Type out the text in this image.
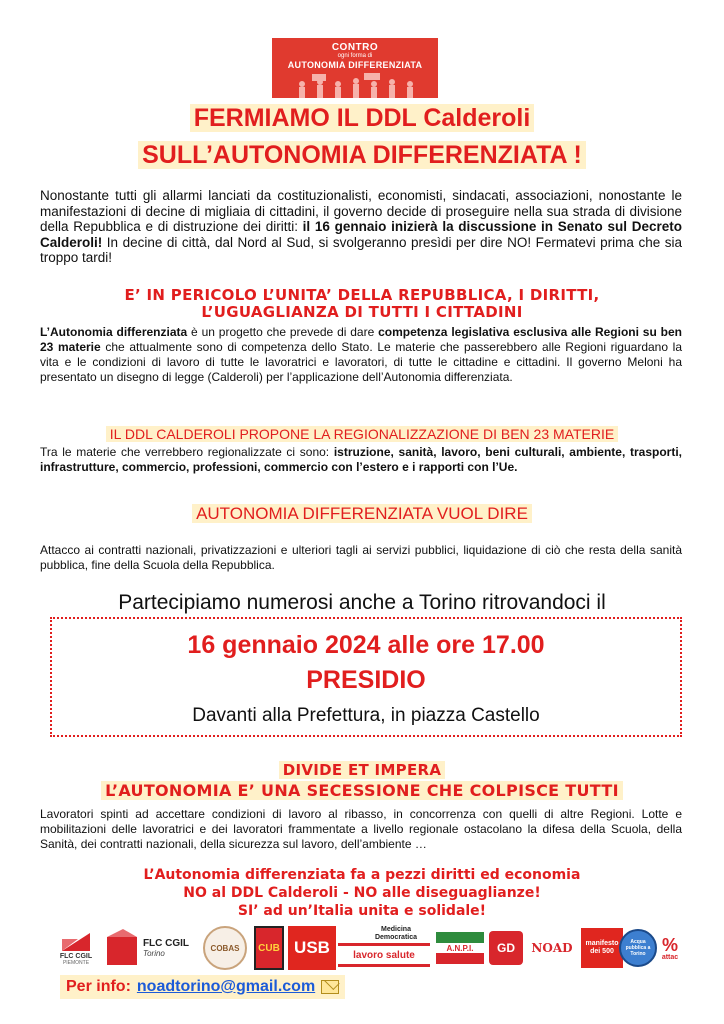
CONTRO
ogni forma di
AUTONOMIA DIFFERENZIATA
FERMIAMO IL DDL Calderoli
SULL’AUTONOMIA DIFFERENZIATA !
Nonostante tutti gli allarmi lanciati da costituzionalisti, economisti, sindacati, associazioni, nonostante le manifestazioni di decine di migliaia di cittadini, il governo decide di proseguire nella sua strada di divisione della Repubblica e di distruzione dei diritti: il 16 gennaio inizierà la discussione in Senato sul Decreto Calderoli! In decine di città, dal Nord al Sud, si svolgeranno presìdi per dire NO! Fermatevi prima che sia troppo tardi!
E’ IN PERICOLO L’UNITA’ DELLA REPUBBLICA, I DIRITTI,
L’UGUAGLIANZA DI TUTTI I CITTADINI
L’Autonomia differenziata è un progetto che prevede di dare competenza legislativa esclusiva alle Regioni su ben 23 materie che attualmente sono di competenza dello Stato. Le materie che passerebbero alle Regioni riguardano la vita e le condizioni di lavoro di tutte le lavoratrici e lavoratori, di tutte le cittadine e cittadini. Il governo Meloni ha presentato un disegno di legge (Calderoli) per l’applicazione dell’Autonomia differenziata.
IL DDL CALDEROLI PROPONE LA REGIONALIZZAZIONE DI BEN 23 MATERIE
Tra le materie che verrebbero regionalizzate ci sono: istruzione, sanità, lavoro, beni culturali, ambiente, trasporti, infrastrutture, commercio, professioni, commercio con l’estero e i rapporti con l’Ue.
AUTONOMIA DIFFERENZIATA VUOL DIRE
Attacco ai contratti nazionali, privatizzazioni e ulteriori tagli ai servizi pubblici, liquidazione di ciò che resta della sanità pubblica, fine della Scuola della Repubblica.
Partecipiamo numerosi anche a Torino ritrovandoci il
16 gennaio 2024 alle ore 17.00
PRESIDIO
Davanti alla Prefettura, in piazza Castello
DIVIDE ET IMPERA
L’AUTONOMIA E’ UNA SECESSIONE CHE COLPISCE TUTTI
Lavoratori spinti ad accettare condizioni di lavoro al ribasso, in concorrenza con quelli di altre Regioni. Lotte e mobilitazioni delle lavoratrici e dei lavoratori frammentate a livello regionale ostacolano la difesa della Scuola, della Sanità, dei contratti nazionali, della sicurezza sul lavoro, dell’ambiente …
L’Autonomia differenziata fa a pezzi diritti ed economia
NO al DDL Calderoli - NO alle diseguaglianze!
SI’ ad un’Italia unita e solidale!
FLC CGIL
PIEMONTE
FLC CGIL
Torino
COBAS CUB USB lavoro salute
Medicina Democratica
A.N.P.I. GD NOAD	manifesto dei 500
Acqua pubblica a Torino %
attac
Per info: noadtorino@gmail.com
